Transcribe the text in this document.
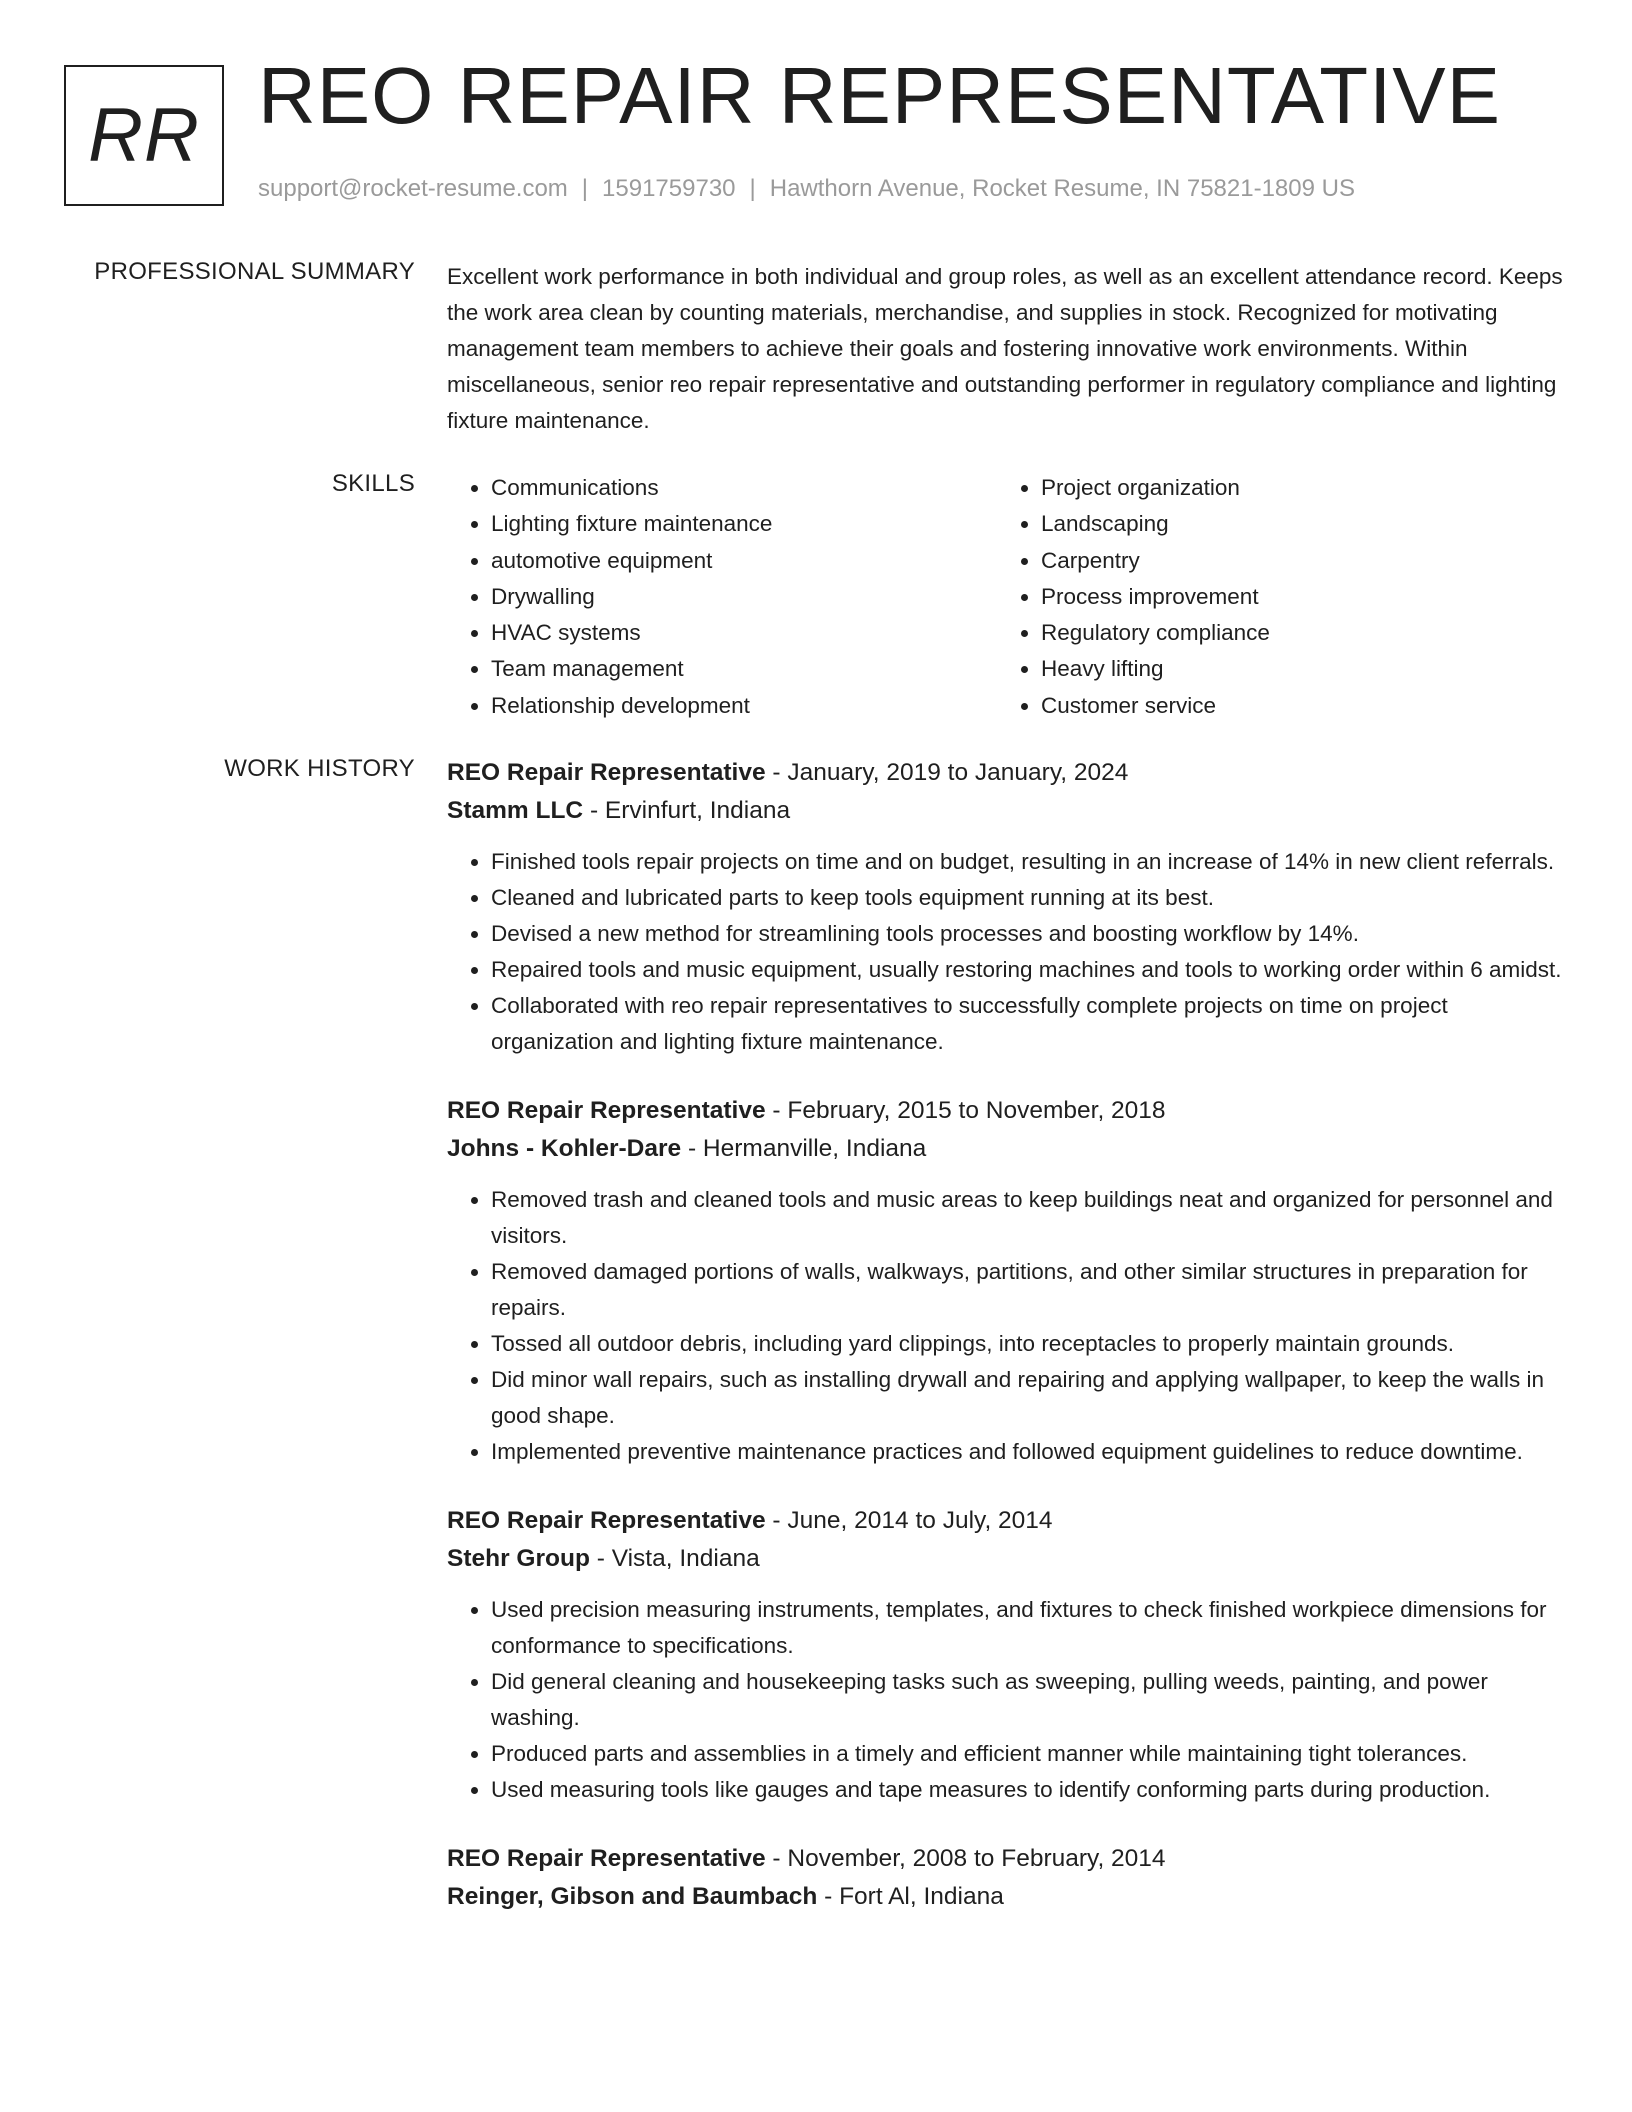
RR REO REPAIR REPRESENTATIVE
support@rocket-resume.com | 1591759730 | Hawthorn Avenue, Rocket Resume, IN 75821-1809 US
PROFESSIONAL SUMMARY Excellent work performance in both individual and group roles, as well as an excellent attendance record. Keeps the work area clean by counting materials, merchandise, and supplies in stock. Recognized for motivating management team members to achieve their goals and fostering innovative work environments. Within miscellaneous, senior reo repair representative and outstanding performer in regulatory compliance and lighting fixture maintenance.
SKILLS
•	Communications
• Lighting fixture maintenance
• automotive equipment
• Drywalling
• HVAC systems
• Team management
• Relationship development
• Project organization
• Landscaping
• Carpentry
• Process improvement
• Regulatory compliance
• Heavy lifting
• Customer service
WORK HISTORY REO Repair Representative - January, 2019 to January, 2024
Stamm LLC - Ervinfurt, Indiana
• Finished tools repair projects on time and on budget, resulting in an increase of 14% in new client referrals.
• Cleaned and lubricated parts to keep tools equipment running at its best.
• Devised a new method for streamlining tools processes and boosting workflow by 14%.
• Repaired tools and music equipment, usually restoring machines and tools to working order within 6 amidst.
• Collaborated with reo repair representatives to successfully complete projects on time on project organization and lighting fixture maintenance.
REO Repair Representative - February, 2015 to November, 2018
Johns - Kohler-Dare - Hermanville, Indiana
• Removed trash and cleaned tools and music areas to keep buildings neat and organized for personnel and visitors.
• Removed damaged portions of walls, walkways, partitions, and other similar structures in preparation for repairs.
• Tossed all outdoor debris, including yard clippings, into receptacles to properly maintain grounds.
• Did minor wall repairs, such as installing drywall and repairing and applying wallpaper, to keep the walls in good shape.
• Implemented preventive maintenance practices and followed equipment guidelines to reduce downtime.
REO Repair Representative - June, 2014 to July, 2014
Stehr Group - Vista, Indiana
• Used precision measuring instruments, templates, and fixtures to check finished workpiece dimensions for conformance to specifications.
• Did general cleaning and housekeeping tasks such as sweeping, pulling weeds, painting, and power washing.
• Produced parts and assemblies in a timely and efficient manner while maintaining tight tolerances.
• Used measuring tools like gauges and tape measures to identify conforming parts during production.
REO Repair Representative - November, 2008 to February, 2014
Reinger, Gibson and Baumbach - Fort Al, Indiana
